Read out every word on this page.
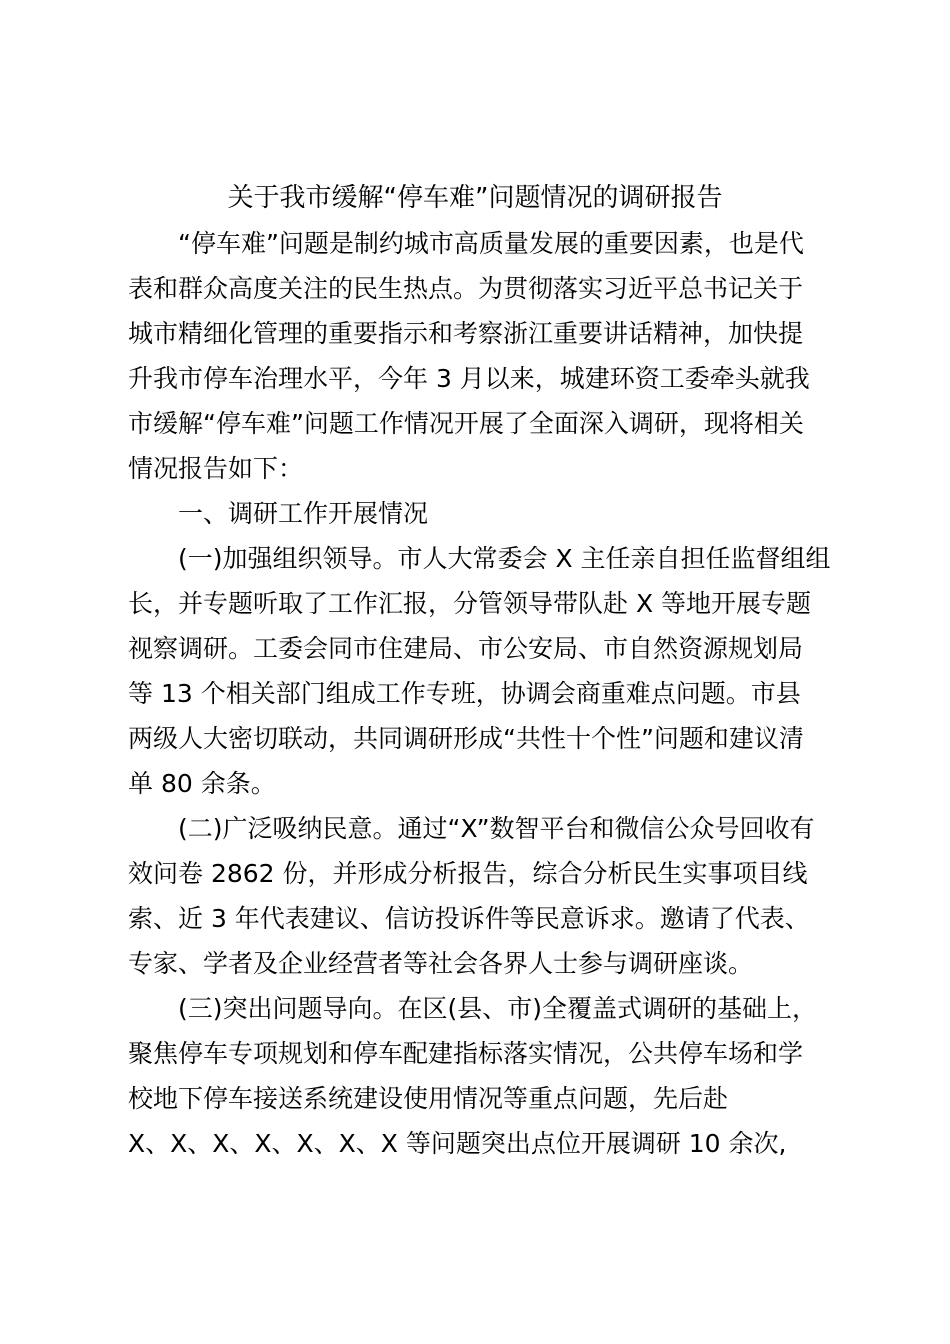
关于我市缓解“停车难”问题情况的调研报告
“停车难”问题是制约城市高质量发展的重要因素，也是代
表和群众高度关注的民生热点。为贯彻落实习近平总书记关于
城市精细化管理的重要指示和考察浙江重要讲话精神，加快提
升我市停车治理水平，今年 3 月以来，城建环资工委牵头就我
市缓解“停车难”问题工作情况开展了全面深入调研，现将相关
情况报告如下：
一、调研工作开展情况
(一)加强组织领导。市人大常委会 X 主任亲自担任监督组组
长，并专题听取了工作汇报，分管领导带队赴 X 等地开展专题
视察调研。工委会同市住建局、市公安局、市自然资源规划局
等 13 个相关部门组成工作专班，协调会商重难点问题。市县
两级人大密切联动，共同调研形成“共性十个性”问题和建议清
单 80 余条。
(二)广泛吸纳民意。通过“X”数智平台和微信公众号回收有
效问卷 2862 份，并形成分析报告，综合分析民生实事项目线
索、近 3 年代表建议、信访投诉件等民意诉求。邀请了代表、
专家、学者及企业经营者等社会各界人士参与调研座谈。
(三)突出问题导向。在区(县、市)全覆盖式调研的基础上，
聚焦停车专项规划和停车配建指标落实情况，公共停车场和学
校地下停车接送系统建设使用情况等重点问题，先后赴
X、X、X、X、X、X、X 等问题突出点位开展调研 10 余次,
